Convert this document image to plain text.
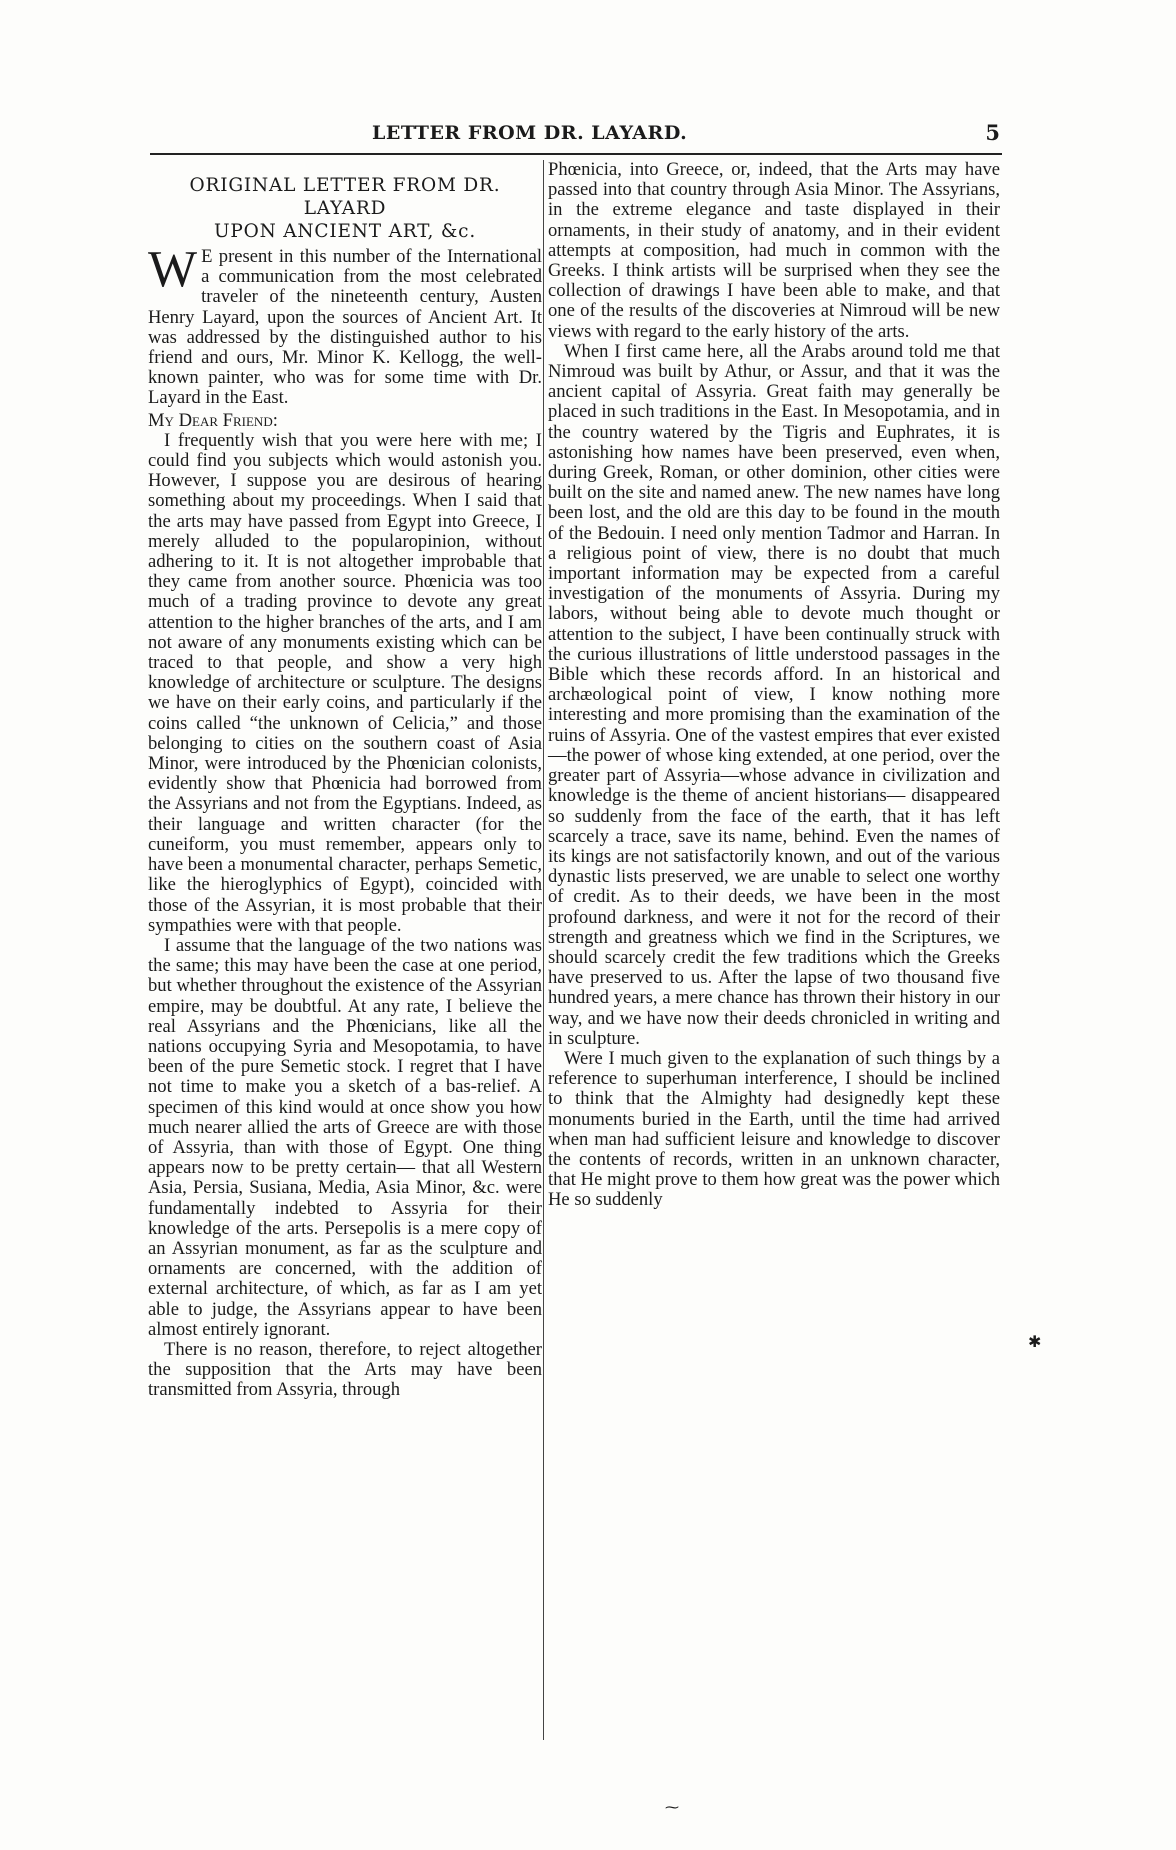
LETTER FROM DR. LAYARD.	5
ORIGINAL LETTER FROM DR. LAYARD
UPON ANCIENT ART, &c.

W E present in this number of the International a communication from the most celebrated traveler of the nineteenth century, Austen Henry Layard, upon the sources of Ancient Art. It was addressed by the distinguished author to his friend and ours, Mr. Minor K. Kellogg, the well-known painter, who was for some time with Dr. Layard in the East.

My Dear Friend:

I frequently wish that you were here with me; I could find you subjects which would astonish you. However, I suppose you are desirous of hearing something about my proceedings. When I said that the arts may have passed from Egypt into Greece, I merely alluded to the popularopinion, without adhering to it. It is not altogether improbable that they came from another source. Phœnicia was too much of a trading province to devote any great attention to the higher branches of the arts, and I am not aware of any monuments existing which can be traced to that people, and show a very high knowledge of architecture or sculpture. The designs we have on their early coins, and particularly if the coins called “the unknown of Celicia,” and those belonging to cities on the southern coast of Asia Minor, were introduced by the Phœnician colonists, evidently show that Phœnicia had borrowed from the Assyrians and not from the Egyptians. Indeed, as their language and written character (for the cuneiform, you must remember, appears only to have been a monumental character, perhaps Semetic, like the hieroglyphics of Egypt), coincided with those of the Assyrian, it is most probable that their sympathies were with that people.

I assume that the language of the two nations was the same; this may have been the case at one period, but whether throughout the existence of the Assyrian empire, may be doubtful. At any rate, I believe the real Assyrians and the Phœnicians, like all the nations occupying Syria and Mesopotamia, to have been of the pure Semetic stock. I regret that I have not time to make you a sketch of a bas-relief. A specimen of this kind would at once show you how much nearer allied the arts of Greece are with those of Assyria, than with those of Egypt. One thing appears now to be pretty certain— that all Western Asia, Persia, Susiana, Media, Asia Minor, &c. were fundamentally indebted to Assyria for their knowledge of the arts. Persepolis is a mere copy of an Assyrian monument, as far as the sculpture and ornaments are concerned, with the addition of external architecture, of which, as far as I am yet able to judge, the Assyrians appear to have been almost entirely ignorant.

There is no reason, therefore, to reject altogether the supposition that the Arts may have been transmitted from Assyria, through

Phœnicia, into Greece, or, indeed, that the Arts may have passed into that country through Asia Minor. The Assyrians, in the extreme elegance and taste displayed in their ornaments, in their study of anatomy, and in their evident attempts at composition, had much in common with the Greeks. I think artists will be surprised when they see the collection of drawings I have been able to make, and that one of the results of the discoveries at Nimroud will be new views with regard to the early history of the arts.

When I first came here, all the Arabs around told me that Nimroud was built by Athur, or Assur, and that it was the ancient capital of Assyria. Great faith may generally be placed in such traditions in the East. In Mesopotamia, and in the country watered by the Tigris and Euphrates, it is astonishing how names have been preserved, even when, during Greek, Roman, or other dominion, other cities were built on the site and named anew. The new names have long been lost, and the old are this day to be found in the mouth of the Bedouin. I need only mention Tadmor and Harran. In a religious point of view, there is no doubt that much important information may be expected from a careful investigation of the monuments of Assyria. During my labors, without being able to devote much thought or attention to the subject, I have been continually struck with the curious illustrations of little understood passages in the Bible which these records afford. In an historical and archæological point of view, I know nothing more interesting and more promising than the examination of the ruins of Assyria. One of the vastest empires that ever existed—the power of whose king extended, at one period, over the greater part of Assyria—whose advance in civilization and knowledge is the theme of ancient historians— disappeared so suddenly from the face of the earth, that it has left scarcely a trace, save its name, behind. Even the names of its kings are not satisfactorily known, and out of the various dynastic lists preserved, we are unable to select one worthy of credit. As to their deeds, we have been in the most profound darkness, and were it not for the record of their strength and greatness which we find in the Scriptures, we should scarcely credit the few traditions which the Greeks have preserved to us. After the lapse of two thousand five hundred years, a mere chance has thrown their history in our way, and we have now their deeds chronicled in writing and in sculpture.

Were I much given to the explanation of such things by a reference to superhuman interference, I should be inclined to think that the Almighty had designedly kept these monuments buried in the Earth, until the time had arrived when man had sufficient leisure and knowledge to discover the contents of records, written in an unknown character, that He might prove to them how great was the power which He so suddenly

✱
⁓
